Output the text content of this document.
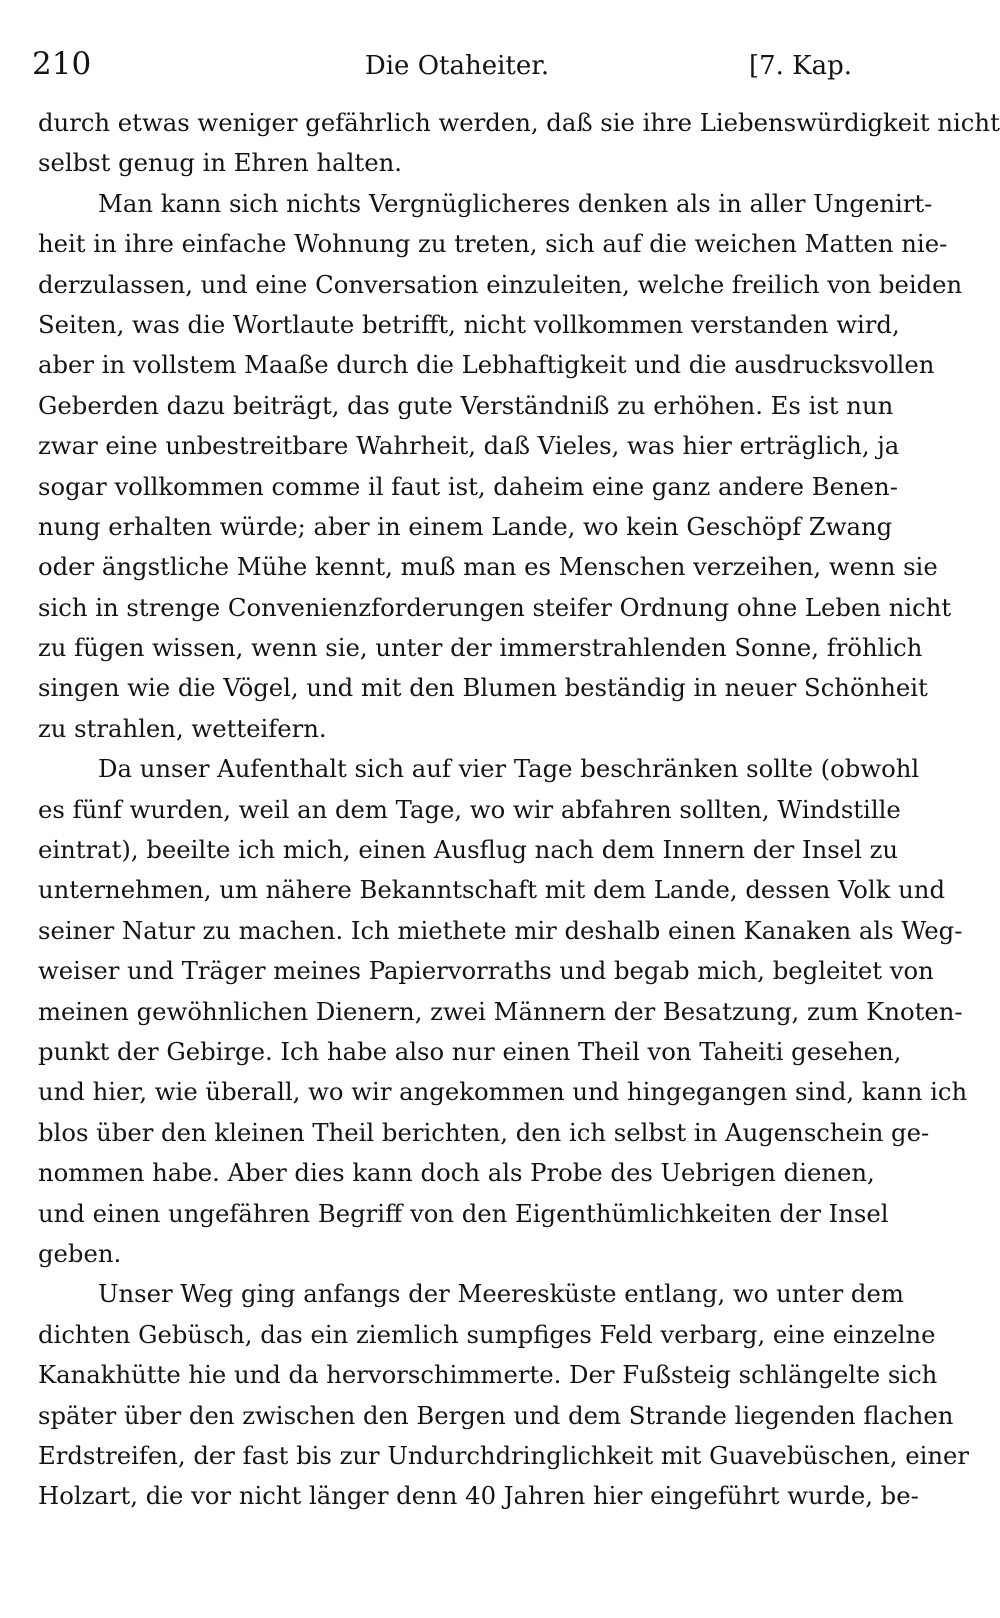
210	Die Otaheiter.	[7. Kap.
durch etwas weniger gefährlich werden, daß sie ihre Liebenswürdigkeit nicht
selbst genug in Ehren halten.
Man kann sich nichts Vergnüglicheres denken als in aller Ungenirt-
heit in ihre einfache Wohnung zu treten, sich auf die weichen Matten nie-
derzulassen, und eine Conversation einzuleiten, welche freilich von beiden
Seiten, was die Wortlaute betrifft, nicht vollkommen verstanden wird,
aber in vollstem Maaße durch die Lebhaftigkeit und die ausdrucksvollen
Geberden dazu beiträgt, das gute Verständniß zu erhöhen. Es ist nun
zwar eine unbestreitbare Wahrheit, daß Vieles, was hier erträglich, ja
sogar vollkommen comme il faut ist, daheim eine ganz andere Benen-
nung erhalten würde; aber in einem Lande, wo kein Geschöpf Zwang
oder ängstliche Mühe kennt, muß man es Menschen verzeihen, wenn sie
sich in strenge Convenienzforderungen steifer Ordnung ohne Leben nicht
zu fügen wissen, wenn sie, unter der immerstrahlenden Sonne, fröhlich
singen wie die Vögel, und mit den Blumen beständig in neuer Schönheit
zu strahlen, wetteifern.
Da unser Aufenthalt sich auf vier Tage beschränken sollte (obwohl
es fünf wurden, weil an dem Tage, wo wir abfahren sollten, Windstille
eintrat), beeilte ich mich, einen Ausflug nach dem Innern der Insel zu
unternehmen, um nähere Bekanntschaft mit dem Lande, dessen Volk und
seiner Natur zu machen. Ich miethete mir deshalb einen Kanaken als Weg-
weiser und Träger meines Papiervorraths und begab mich, begleitet von
meinen gewöhnlichen Dienern, zwei Männern der Besatzung, zum Knoten-
punkt der Gebirge. Ich habe also nur einen Theil von Taheiti gesehen,
und hier, wie überall, wo wir angekommen und hingegangen sind, kann ich
blos über den kleinen Theil berichten, den ich selbst in Augenschein ge-
nommen habe. Aber dies kann doch als Probe des Uebrigen dienen,
und einen ungefähren Begriff von den Eigenthümlichkeiten der Insel
geben.
Unser Weg ging anfangs der Meeresküste entlang, wo unter dem
dichten Gebüsch, das ein ziemlich sumpfiges Feld verbarg, eine einzelne
Kanakhütte hie und da hervorschimmerte. Der Fußsteig schlängelte sich
später über den zwischen den Bergen und dem Strande liegenden flachen
Erdstreifen, der fast bis zur Undurchdringlichkeit mit Guavebüschen, einer
Holzart, die vor nicht länger denn 40 Jahren hier eingeführt wurde, be-
